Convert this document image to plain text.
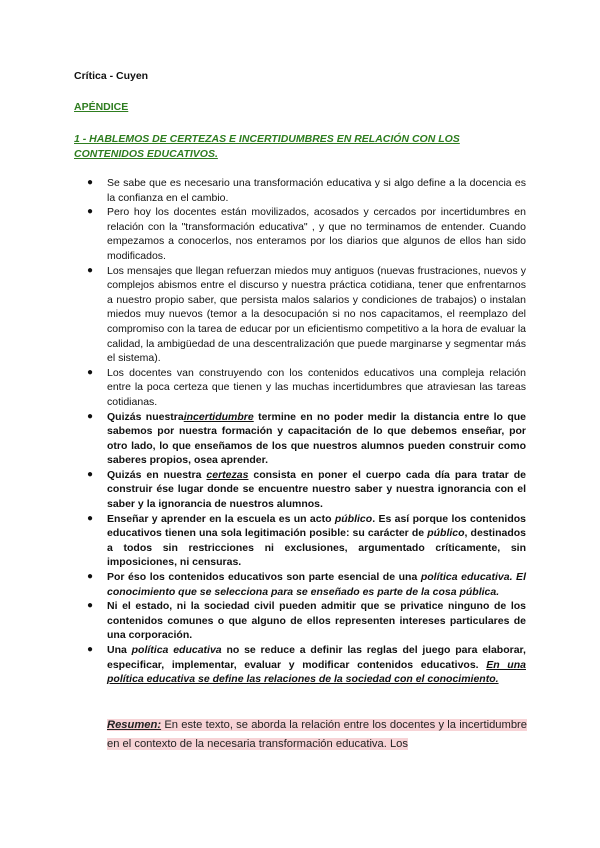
Crítica - Cuyen
APÉNDICE
1 - HABLEMOS DE CERTEZAS E INCERTIDUMBRES EN RELACIÓN CON LOS CONTENIDOS EDUCATIVOS.
● Se sabe que es necesario una transformación educativa y si algo define a la docencia es la confianza en el cambio.
● Pero hoy los docentes están movilizados, acosados y cercados por incertidumbres en relación con la "transformación educativa" , y que no terminamos de entender. Cuando empezamos a conocerlos, nos enteramos por los diarios que algunos de ellos han sido modificados.
● Los mensajes que llegan refuerzan miedos muy antiguos (nuevas frustraciones, nuevos y complejos abismos entre el discurso y nuestra práctica cotidiana, tener que enfrentarnos a nuestro propio saber, que persista malos salarios y condiciones de trabajos) o instalan miedos muy nuevos (temor a la desocupación si no nos capacitamos, el reemplazo del compromiso con la tarea de educar por un eficientismo competitivo a la hora de evaluar la calidad, la ambigüedad de una descentralización que puede marginarse y segmentar más el sistema).
● Los docentes van construyendo con los contenidos educativos una compleja relación entre la poca certeza que tienen y las muchas incertidumbres que atraviesan las tareas cotidianas.
● Quizás nuestraincertidumbre termine en no poder medir la distancia entre lo que sabemos por nuestra formación y capacitación de lo que debemos enseñar, por otro lado, lo que enseñamos de los que nuestros alumnos pueden construir como saberes propios, osea aprender.
● Quizás en nuestra certezas consista en poner el cuerpo cada día para tratar de construir ése lugar donde se encuentre nuestro saber y nuestra ignorancia con el saber y la ignorancia de nuestros alumnos.
● Enseñar y aprender en la escuela es un acto público. Es así porque los contenidos educativos tienen una sola legitimación posible: su carácter de público, destinados a todos sin restricciones ni exclusiones, argumentado críticamente, sin imposiciones, ni censuras.
● Por éso los contenidos educativos son parte esencial de una política educativa. El conocimiento que se selecciona para se enseñado es parte de la cosa pública.
● Ni el estado, ni la sociedad civil pueden admitir que se privatice ninguno de los contenidos comunes o que alguno de ellos representen intereses particulares de una corporación.
● Una política educativa no se reduce a definir las reglas del juego para elaborar, especificar, implementar, evaluar y modificar contenidos educativos. En una política educativa se define las relaciones de la sociedad con el conocimiento.
Resumen: En este texto, se aborda la relación entre los docentes y la incertidumbre en el contexto de la necesaria transformación educativa. Los
